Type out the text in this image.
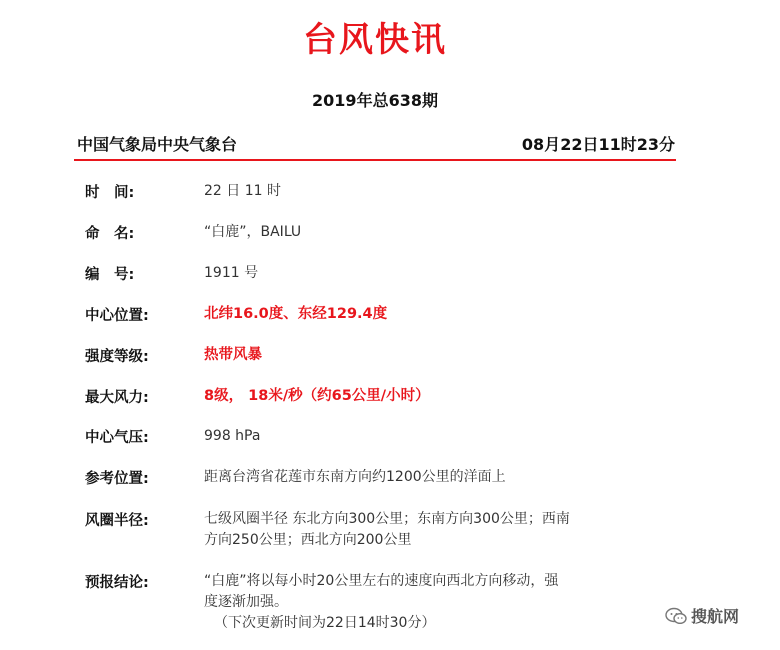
台风快讯
2019年总638期
中国气象局中央气象台	08月22日11时23分
时　间:	22 日 11 时
命　名:	“白鹿”，BAILU
编　号:	1911 号
中心位置:	北纬16.0度、东经129.4度
强度等级:	热带风暴
最大风力:	8级， 18米/秒（约65公里/小时）
中心气压:	998 hPa
参考位置:	距离台湾省花莲市东南方向约1200公里的洋面上
风圈半径:	七级风圈半径 东北方向300公里；东南方向300公里；西南方向250公里；西北方向200公里
预报结论:	“白鹿”将以每小时20公里左右的速度向西北方向移动，强度逐渐加强。
（下次更新时间为22日14时30分）	搜航网
